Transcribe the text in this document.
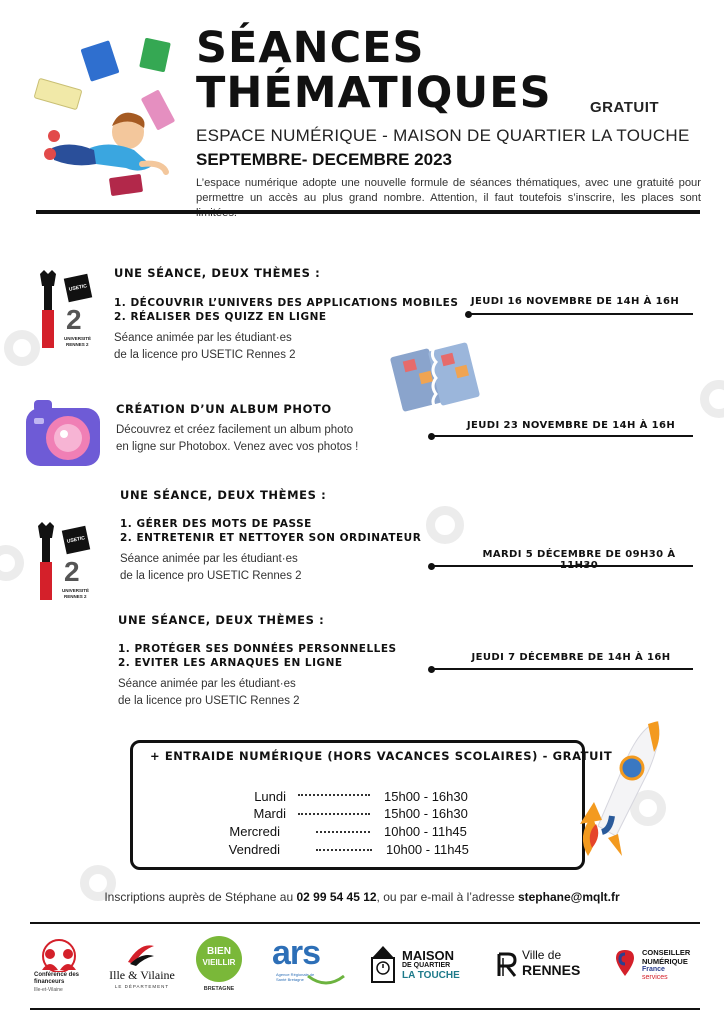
SÉANCES
THÉMATIQUES	GRATUIT
ESPACE NUMÉRIQUE - MAISON DE QUARTIER LA TOUCHE
SEPTEMBRE- DECEMBRE 2023
L’espace numérique adopte une nouvelle formule de séances thématiques, avec une gratuité pour permettre un accès au plus grand nombre. Attention, il faut toutefois s’inscrire, les places sont
USETIC
2
UNIVERSITÉ
RENNES 2
UNE SÉANCE, DEUX THÈMES :
1. DÉCOUVRIR L’UNIVERS DES APPLICATIONS MOBILES
2. RÉALISER DES QUIZZ EN LIGNE
Séance animée par les étudiant·es
de la licence pro USETIC Rennes 2
JEUDI 16 NOVEMBRE DE 14H À 16H
CRÉATION D’UN ALBUM PHOTO
Découvrez et créez facilement un album photo
en ligne sur Photobox. Venez avec vos photos !
JEUDI 23 NOVEMBRE DE 14H À 16H
USETIC
2
UNIVERSITÉ
RENNES 2
UNE SÉANCE, DEUX THÈMES :
1. GÉRER DES MOTS DE PASSE
2. ENTRETENIR ET NETTOYER SON ORDINATEUR
Séance animée par les étudiant·es
de la licence pro USETIC Rennes 2
MARDI 5 DÉCEMBRE DE 09H30 À
UNE SÉANCE, DEUX THÈMES :
1. PROTÉGER SES DONNÉES PERSONNELLES
2. EVITER LES ARNAQUES EN LIGNE
Séance animée par les étudiant·es
de la licence pro USETIC Rennes 2
JEUDI 7 DÉCEMBRE DE 14H À 16H
+ ENTRAIDE NUMÉRIQUE (HORS VACANCES SCOLAIRES) - GRATUIT
Lundi	15h00 - 16h30
Mardi	15h00 - 16h30
Mercredi	10h00 - 11h45
Vendredi	10h00 - 11h45
Inscriptions auprès de Stéphane au 02 99 54 45 12, ou par e-mail à l’adresse stephane@mqlt.fr
Conférence des financeurs
Ille-et-Vilaine
Ille & Vilaine
LE DÉPARTEMENT
BIEN
VIEILLIR
BRETAGNE
ars
Agence Régionale de Santé Bretagne
MAISON
DE QUARTIER
LA TOUCHE
Ville de
RENNES
CONSEILLER
NUMÉRIQUE
France
services
